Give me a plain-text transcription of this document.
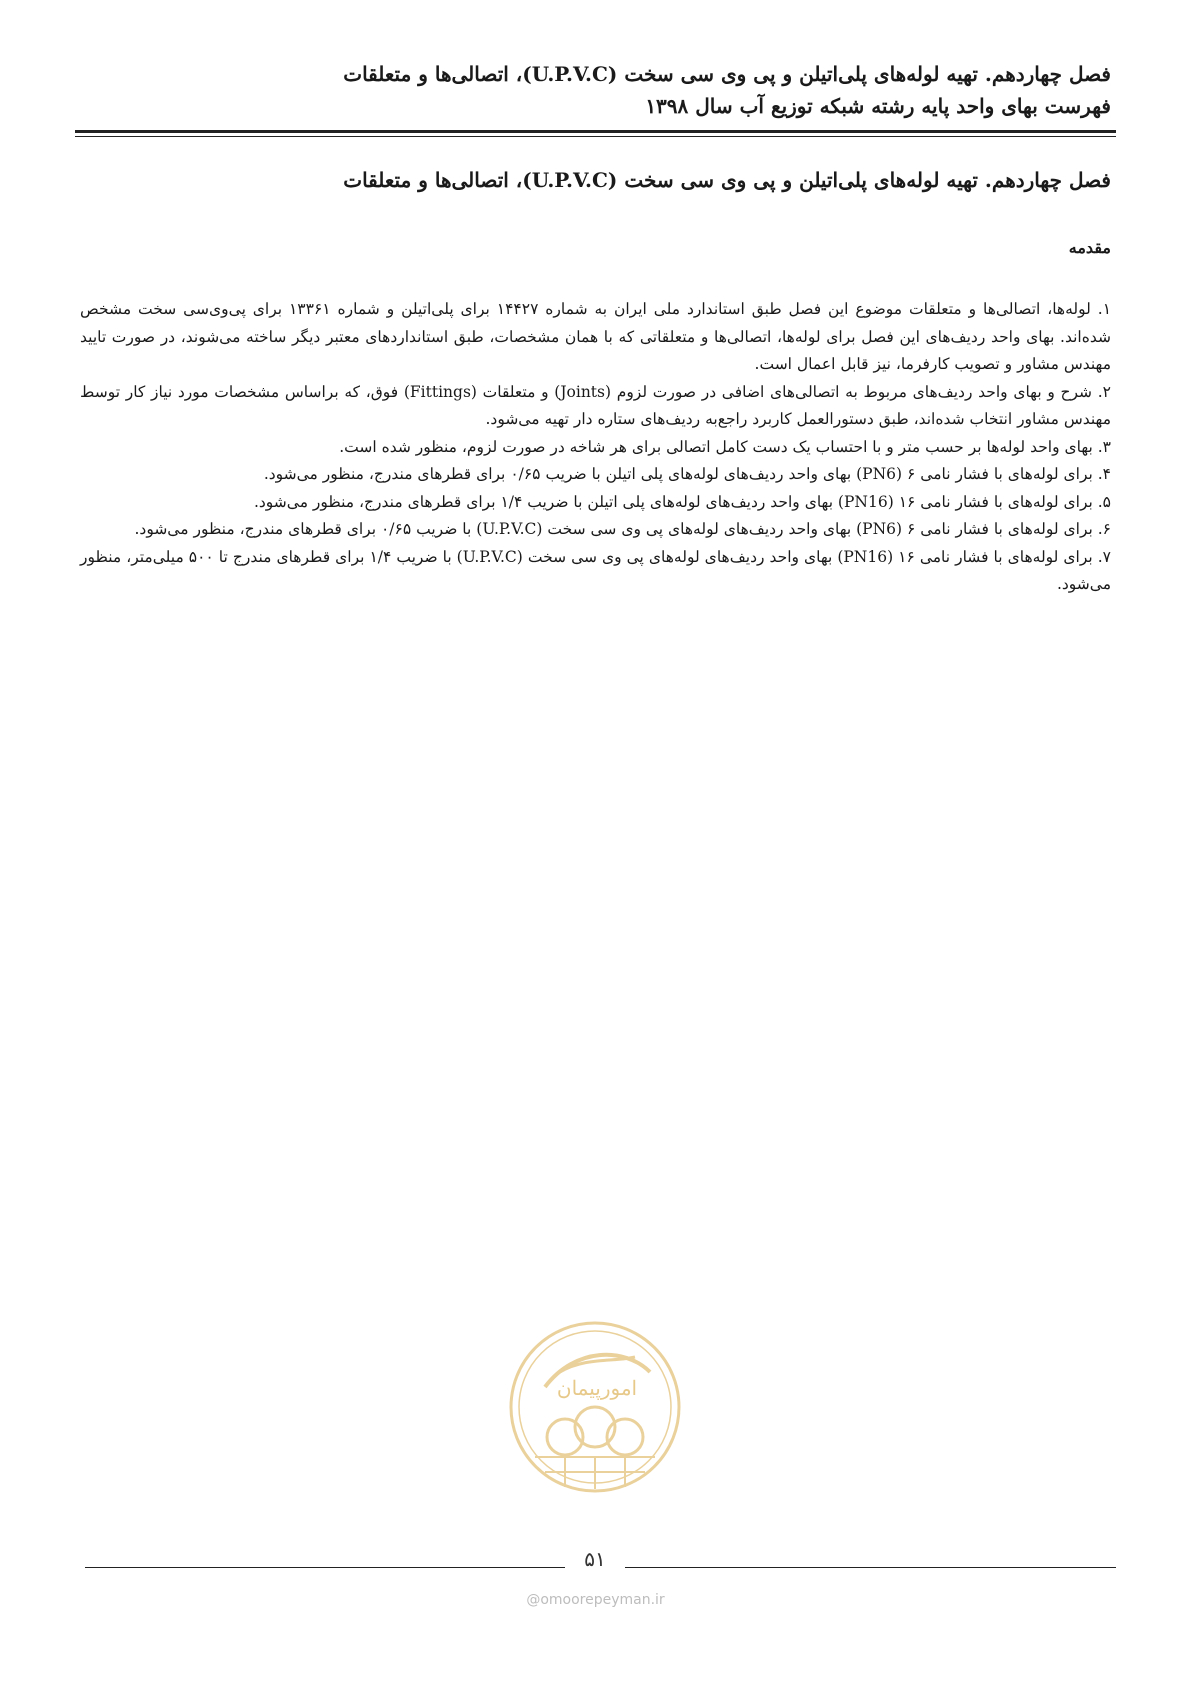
فصل چهاردهم. تهیه لوله‌های پلی‌اتیلن و پی وی سی سخت (U.P.V.C)، اتصالی‌ها و متعلقات
فهرست بهای واحد پایه رشته شبکه توزیع آب سال ۱۳۹۸
فصل چهاردهم. تهیه لوله‌های پلی‌اتیلن و پی وی سی سخت (U.P.V.C)، اتصالی‌ها و متعلقات
مقدمه

۱. لوله‌ها، اتصالی‌ها و متعلقات موضوع این فصل طبق استاندارد ملی ایران به شماره ۱۴۴۲۷ برای پلی‌اتیلن و شماره ۱۳۳۶۱ برای پی‌وی‌سی سخت مشخص شده‌اند. بهای واحد ردیف‌های این فصل برای لوله‌ها، اتصالی‌ها و متعلقاتی که با همان مشخصات، طبق استانداردهای معتبر دیگر ساخته می‌شوند، در صورت تایید مهندس مشاور و تصویب کارفرما، نیز قابل اعمال است.

۲. شرح و بهای واحد ردیف‌های مربوط به اتصالی‌های اضافی در صورت لزوم (Joints) و متعلقات (Fittings) فوق، که براساس مشخصات مورد نیاز کار توسط مهندس مشاور انتخاب شده‌اند، طبق دستورالعمل کاربرد راجع‌به ردیف‌های ستاره دار تهیه می‌شود.

۳. بهای واحد لوله‌ها بر حسب متر و با احتساب یک دست کامل اتصالی برای هر شاخه در صورت لزوم، منظور شده است.

۴. برای لوله‌های با فشار نامی ۶ (PN6) بهای واحد ردیف‌های لوله‌های پلی اتیلن با ضریب ۰/۶۵ برای قطرهای مندرج، منظور می‌شود.

۵. برای لوله‌های با فشار نامی ۱۶ (PN16) بهای واحد ردیف‌های لوله‌های پلی اتیلن با ضریب ۱/۴ برای قطرهای مندرج، منظور می‌شود.

۶. برای لوله‌های با فشار نامی ۶ (PN6) بهای واحد ردیف‌های لوله‌های پی وی سی سخت (U.P.V.C) با ضریب ۰/۶۵ برای قطرهای مندرج، منظور می‌شود.

۷. برای لوله‌های با فشار نامی ۱۶ (PN16) بهای واحد ردیف‌های لوله‌های پی وی سی سخت (U.P.V.C) با ضریب ۱/۴ برای قطرهای مندرج تا ۵۰۰ میلی‌متر، منظور می‌شود.

امورپیمان
۵۱
@omoorepeyman.ir
